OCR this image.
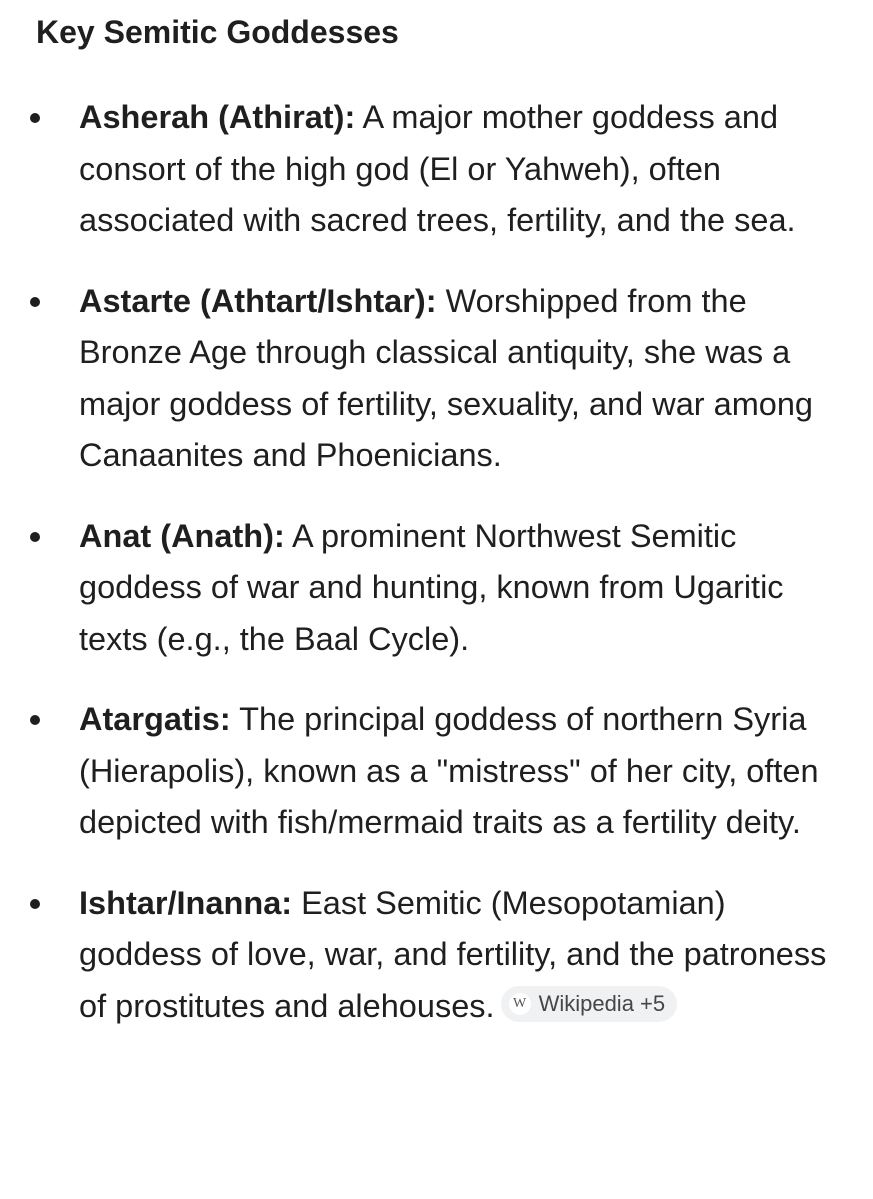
Key Semitic Goddesses
Asherah (Athirat): A major mother goddess and consort of the high god (El or Yahweh), often associated with sacred trees, fertility, and the sea.
Astarte (Athtart/Ishtar): Worshipped from the Bronze Age through classical antiquity, she was a major goddess of fertility, sexuality, and war among Canaanites and Phoenicians.
Anat (Anath): A prominent Northwest Semitic goddess of war and hunting, known from Ugaritic texts (e.g., the Baal Cycle).
Atargatis: The principal goddess of northern Syria (Hierapolis), known as a "mistress" of her city, often depicted with fish/mermaid traits as a fertility deity.
Ishtar/Inanna: East Semitic (Mesopotamian) goddess of love, war, and fertility, and the patroness of prostitutes and alehouses.	W Wikipedia +5
